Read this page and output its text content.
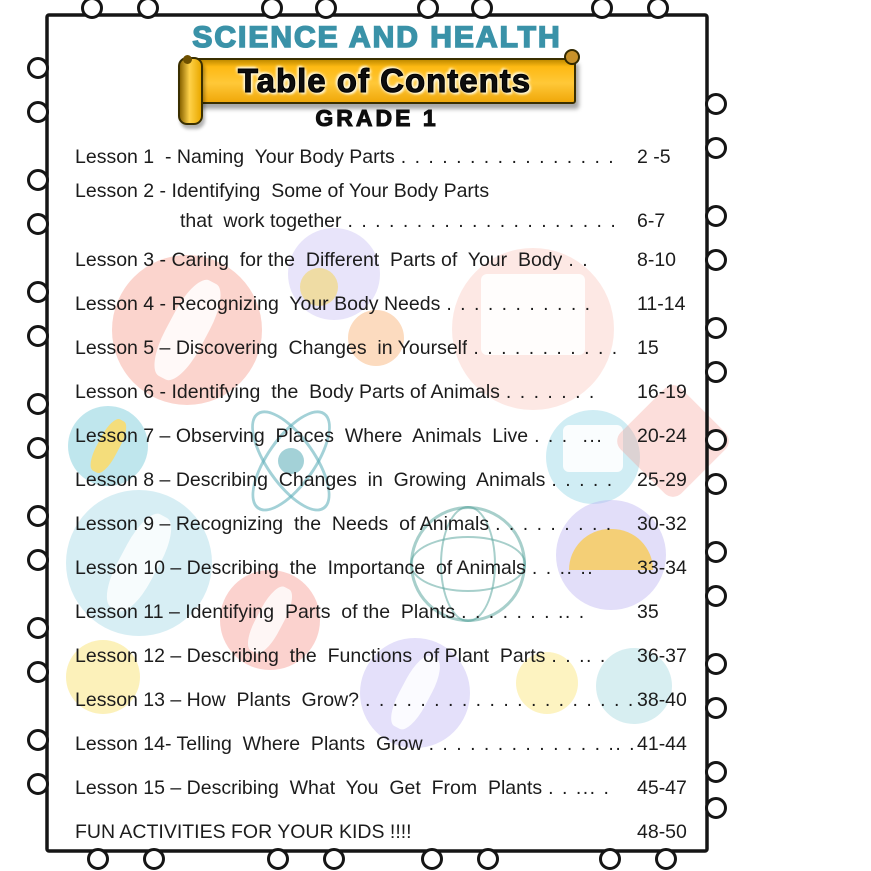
SCIENCE AND HEALTH
Table of Contents
GRADE 1
Lesson 1  - Naming  Your Body Parts . . . . . . . . . . . . . . . .	2 -5
Lesson 2 - Identifying  Some of Your Body Parts
that  work together . . . . . . . . . . . . . . . . . . . .	6-7
Lesson 3 - Caring  for the  Different  Parts of  Your  Body . .	8-10
Lesson 4 - Recognizing  Your Body Needs . . . . . . . . . . .	11-14
Lesson 5 – Discovering  Changes  in Yourself . . . . . . . . . . . 15
Lesson 6 - Identifying  the  Body Parts of Animals . . . . . . .	16-19
Lesson 7 – Observing  Places  Where  Animals  Live . . .  ...	20-24
Lesson 8 – Describing  Changes  in  Growing  Animals . . . . .	25-29
Lesson 9 – Recognizing  the  Needs  of Animals . . . . . . . . .	30-32
Lesson 10 – Describing  the  Importance  of Animals . . .. ..	33-34
Lesson 11 – Identifying  Parts  of the  Plants . . . . . . . .. .	35
Lesson 12 – Describing  the  Functions  of Plant  Parts . . .. .	36-37
Lesson 13 – How  Plants  Grow? . . . . . . . . . . . . . . . . . . . . 38-40
Lesson 14- Telling  Where  Plants  Grow . . . . . . . . . . . . . .. . 41-44
Lesson 15 – Describing  What  You  Get  From  Plants . . ... .	45-47
FUN ACTIVITIES FOR YOUR KIDS !!!!	48-50
